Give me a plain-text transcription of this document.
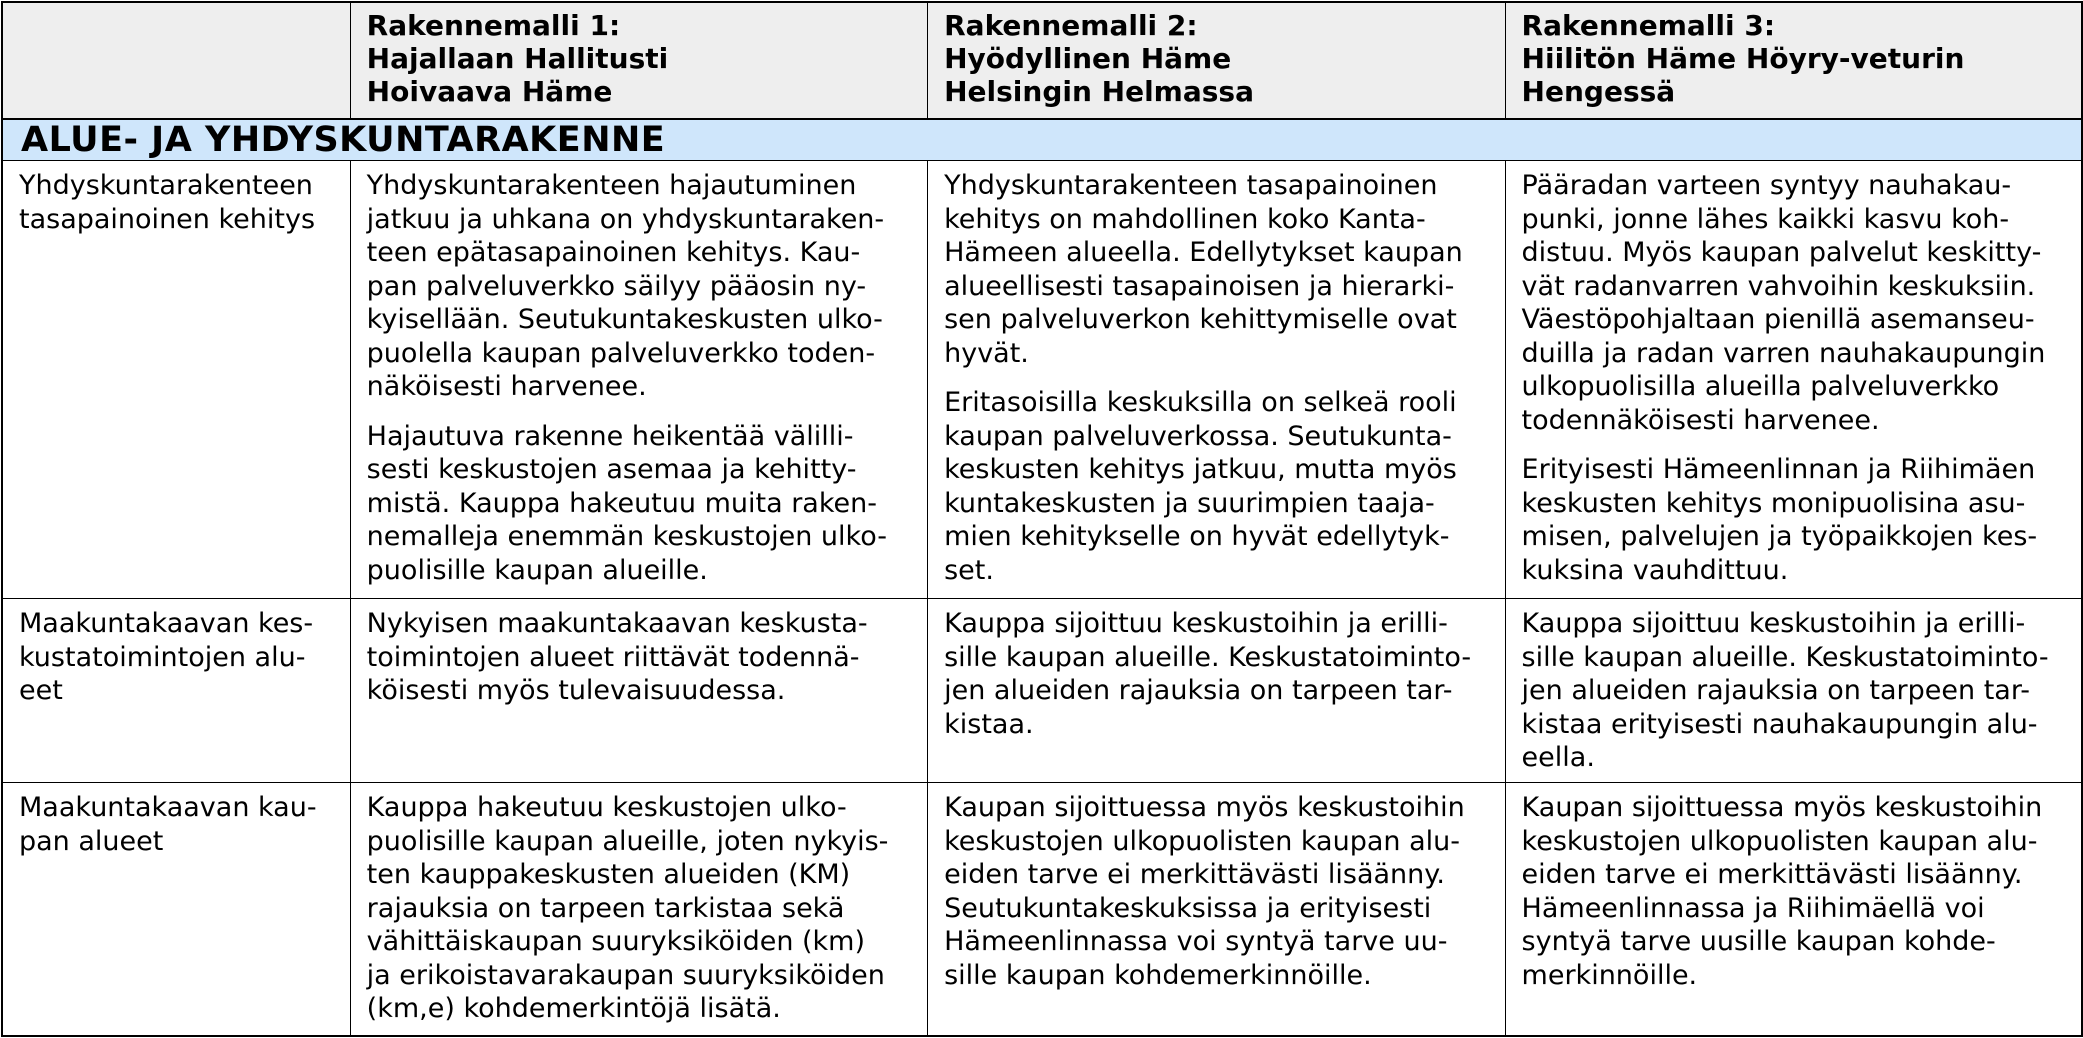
Rakennemalli 1:
Hajallaan Hallitusti
Hoivaava Häme
Rakennemalli 2:
Hyödyllinen Häme
Helsingin Helmassa
Rakennemalli 3:
Hiilitön Häme Höyry-veturin
Hengessä
ALUE- JA YHDYSKUNTARAKENNE
Yhdyskuntarakenteen
tasapainoinen kehitys

Yhdyskuntarakenteen hajautuminen
jatkuu ja uhkana on yhdyskuntaraken-
teen epätasapainoinen kehitys. Kau-
pan palveluverkko säilyy pääosin ny-
kyisellään. Seutukuntakeskusten ulko-
puolella kaupan palveluverkko toden-
näköisesti harvenee.

Hajautuva rakenne heikentää välilli-
sesti keskustojen asemaa ja kehitty-
mistä. Kauppa hakeutuu muita raken-
nemalleja enemmän keskustojen ulko-
puolisille kaupan alueille.

Yhdyskuntarakenteen tasapainoinen
kehitys on mahdollinen koko Kanta-
Hämeen alueella. Edellytykset kaupan
alueellisesti tasapainoisen ja hierarki-
sen palveluverkon kehittymiselle ovat
hyvät.

Eritasoisilla keskuksilla on selkeä rooli
kaupan palveluverkossa. Seutukunta-
keskusten kehitys jatkuu, mutta myös
kuntakeskusten ja suurimpien taaja-
mien kehitykselle on hyvät edellytyk-
set.

Pääradan varteen syntyy nauhakau-
punki, jonne lähes kaikki kasvu koh-
distuu. Myös kaupan palvelut keskitty-
vät radanvarren vahvoihin keskuksiin.
Väestöpohjaltaan pienillä asemanseu-
duilla ja radan varren nauhakaupungin
ulkopuolisilla alueilla palveluverkko
todennäköisesti harvenee.

Erityisesti Hämeenlinnan ja Riihimäen
keskusten kehitys monipuolisina asu-
misen, palvelujen ja työpaikkojen kes-
kuksina vauhdittuu.

Maakuntakaavan kes-
kustatoimintojen alu-
eet

Nykyisen maakuntakaavan keskusta-
toimintojen alueet riittävät todennä-
köisesti myös tulevaisuudessa.

Kauppa sijoittuu keskustoihin ja erilli-
sille kaupan alueille. Keskustatoiminto-
jen alueiden rajauksia on tarpeen tar-
kistaa.

Kauppa sijoittuu keskustoihin ja erilli-
sille kaupan alueille. Keskustatoiminto-
jen alueiden rajauksia on tarpeen tar-
kistaa erityisesti nauhakaupungin alu-
eella.

Maakuntakaavan kau-
pan alueet

Kauppa hakeutuu keskustojen ulko-
puolisille kaupan alueille, joten nykyis-
ten kauppakeskusten alueiden (KM)
rajauksia on tarpeen tarkistaa sekä
vähittäiskaupan suuryksiköiden (km)
ja erikoistavarakaupan suuryksiköiden
(km,e) kohdemerkintöjä lisätä.

Kaupan sijoittuessa myös keskustoihin
keskustojen ulkopuolisten kaupan alu-
eiden tarve ei merkittävästi lisäänny.
Seutukuntakeskuksissa ja erityisesti
Hämeenlinnassa voi syntyä tarve uu-
sille kaupan kohdemerkinnöille.

Kaupan sijoittuessa myös keskustoihin
keskustojen ulkopuolisten kaupan alu-
eiden tarve ei merkittävästi lisäänny.
Hämeenlinnassa ja Riihimäellä voi
syntyä tarve uusille kaupan kohde-
merkinnöille.
